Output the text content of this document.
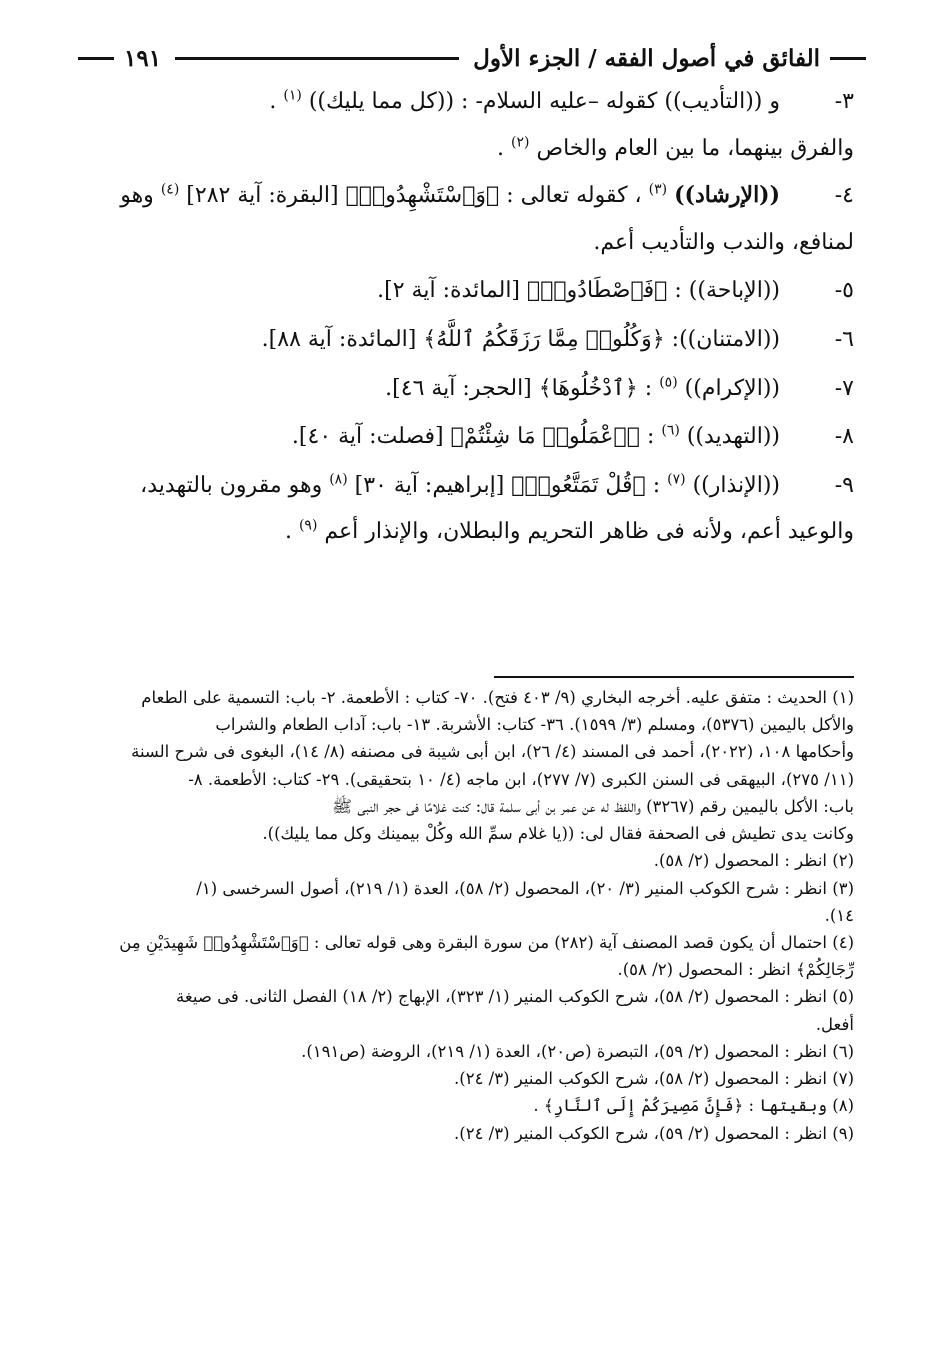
الفائق في أصول الفقه / الجزء الأول
١٩١
٣-
و ((التأديب)) كقوله –عليه السلام- : ((كل مما يليك)) $^{(١)}$ .

والفرق بينهما، ما بين العام والخاص $^{(٢)}$ .

٤-
((الإرشاد)) $^{(٣)}$ ، كقوله تعالى : ﴿وَٱسْتَشْهِدُوا۟﴾ [البقرة: آية ٢٨٢] $^{(٤)}$ وهو

لمنافع، والندب والتأديب أعم.

٥-
((الإباحة)) : ﴿فَٱصْطَادُوا۟﴾ [المائدة: آية ٢].
٦-
((الامتنان)): ﴿وَكُلُوا۟ مِمَّا رَزَقَكُمُ ٱللَّهُ﴾ [المائدة: آية ٨٨].
٧-
((الإكرام)) $^{(٥)}$ : ﴿ٱدْخُلُوهَا﴾ [الحجر: آية ٤٦].
٨-
((التهديد)) $^{(٦)}$ : ﴿ٱعْمَلُوا۟ مَا شِئْتُمْ﴾ [فصلت: آية ٤٠].
٩-
((الإنذار)) $^{(٧)}$ : ﴿قُلْ تَمَتَّعُوا۟﴾ [إبراهيم: آية ٣٠] $^{(٨)}$ وهو مقرون بالتهديد،

والوعيد أعم، ولأنه فى ظاهر التحريم والبطلان، والإنذار أعم $^{(٩)}$ .

(١) الحديث : متفق عليه. أخرجه البخاري (٩/ ٤٠٣ فتح). ٧٠- كتاب : الأطعمة. ٢- باب: التسمية على الطعام

والأكل باليمين (٥٣٧٦)، ومسلم (٣/ ١٥٩٩). ٣٦- كتاب: الأشربة. ١٣- باب: آداب الطعام والشراب

وأحكامها ١٠٨، (٢٠٢٢)، أحمد فى المسند (٤/ ٢٦)، ابن أبى شيبة فى مصنفه (٨/ ١٤)، البغوى فى شرح السنة

(١١/ ٢٧٥)، البيهقى فى السنن الكبرى (٧/ ٢٧٧)، ابن ماجه (٤/ ١٠ بتحقيقى). ٢٩- كتاب: الأطعمة. ٨-

باب: الأكل باليمين رقم (٣٢٦٧) واللفظ له عن عمر بن أبى سلمة قال: كنت غلامًا فى حجر النبى ﷺ

وكانت يدى تطيش فى الصحفة فقال لى: ((يا غلام سمِّ الله وكُلْ بيمينك وكل مما يليك)).

(٢) انظر : المحصول (٢/ ٥٨).

(٣) انظر : شرح الكوكب المنير (٣/ ٢٠)، المحصول (٢/ ٥٨)، العدة (١/ ٢١٩)، أصول السرخسى (١/

١٤).

(٤) احتمال أن يكون قصد المصنف آية (٢٨٢) من سورة البقرة وهى قوله تعالى : ﴿وَٱسْتَشْهِدُوا۟ شَهِيدَيْنِ مِن

رِّجَالِكُمْ﴾ انظر : المحصول (٢/ ٥٨).

(٥) انظر : المحصول (٢/ ٥٨)، شرح الكوكب المنير (١/ ٣٢٣)، الإبهاج (٢/ ١٨) الفصل الثانى. فى صيغة

أفعل.

(٦) انظر : المحصول (٢/ ٥٩)، التبصرة (ص٢٠)، العدة (١/ ٢١٩)، الروضة (ص١٩١).

(٧) انظر : المحصول (٢/ ٥٨)، شرح الكوكب المنير (٣/ ٢٤).

(٨) وبقيتها : ﴿فَإِنَّ مَصِيرَكُمْ إِلَى ٱلنَّارِ﴾ .

(٩) انظر : المحصول (٢/ ٥٩)، شرح الكوكب المنير (٣/ ٢٤).
